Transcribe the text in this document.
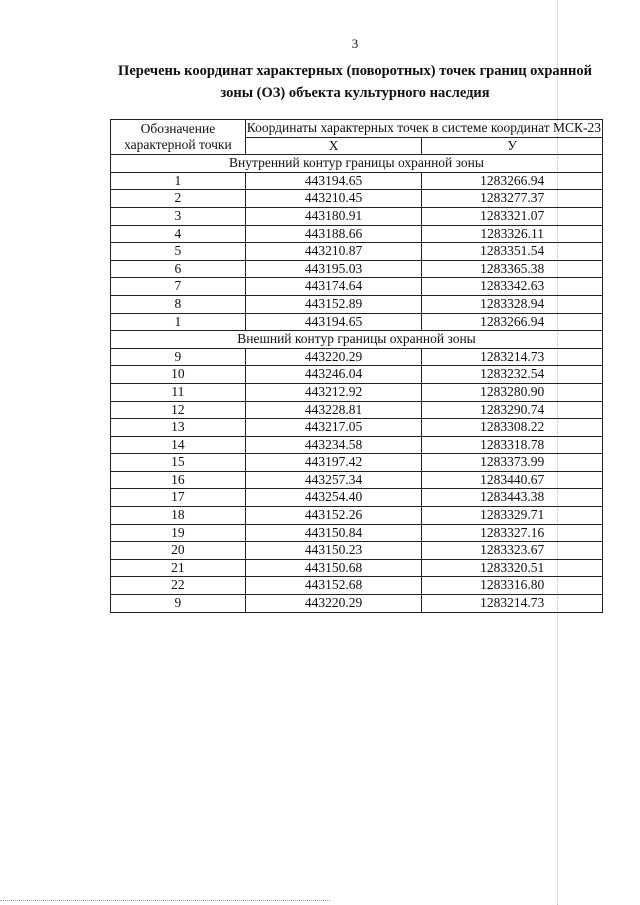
3
Перечень координат характерных (поворотных) точек границ охранной
зоны (ОЗ) объекта культурного наследия
Обозначение характерной точки	Координаты характерных точек в системе координат МСК-23	
	X	У
Внутренний контур границы охранной зоны		
1	443194.65	1283266.94
2	443210.45	1283277.37
3	443180.91	1283321.07
4	443188.66	1283326.11
5	443210.87	1283351.54
6	443195.03	1283365.38
7	443174.64	1283342.63
8	443152.89	1283328.94
1	443194.65	1283266.94
Внешний контур границы охранной зоны		
9	443220.29	1283214.73
10	443246.04	1283232.54
11	443212.92	1283280.90
12	443228.81	1283290.74
13	443217.05	1283308.22
14	443234.58	1283318.78
15	443197.42	1283373.99
16	443257.34	1283440.67
17	443254.40	1283443.38
18	443152.26	1283329.71
19	443150.84	1283327.16
20	443150.23	1283323.67
21	443150.68	1283320.51
22	443152.68	1283316.80
9	443220.29	1283214.73
